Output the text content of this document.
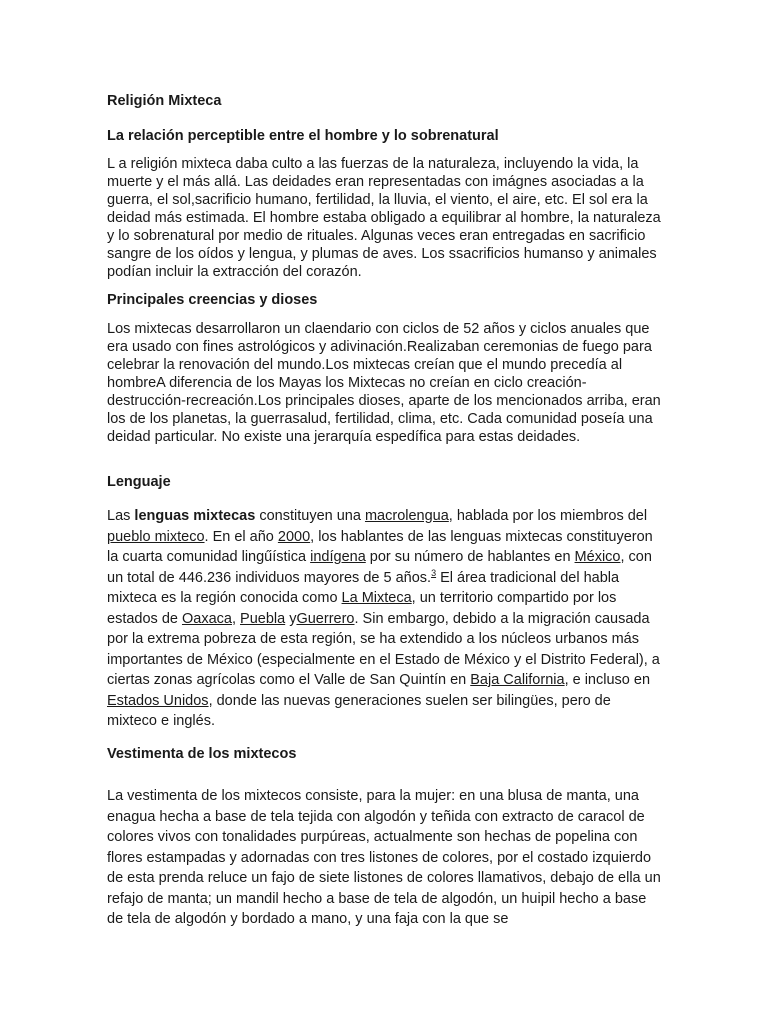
Religión Mixteca

La relación perceptible entre el hombre y lo sobrenatural

L a religión mixteca daba culto a las fuerzas de la naturaleza, incluyendo la vida, la muerte y el más allá. Las deidades eran representadas con imágnes asociadas a la guerra, el sol,sacrificio humano, fertilidad, la lluvia, el viento, el aire, etc. El sol era la deidad más estimada. El hombre estaba obligado a equilibrar al hombre, la naturaleza y lo sobrenatural por medio de rituales. Algunas veces eran entregadas en sacrificio sangre de los oídos y lengua, y plumas de aves. Los ssacrificios humanso y animales podían incluir la extracción del corazón.

Principales creencias y dioses

Los mixtecas desarrollaron un claendario con ciclos de 52 años y ciclos anuales que era usado con fines astrológicos y adivinación.Realizaban ceremonias de fuego para celebrar la renovación del mundo.Los mixtecas creían que el mundo precedía al hombreA diferencia de los Mayas los Mixtecas no creían en ciclo creación-destrucción-recreación.Los principales dioses, aparte de los mencionados arriba, eran los de los planetas, la guerrasalud, fertilidad, clima, etc. Cada comunidad poseía una deidad particular. No existe una jerarquía espedífica para estas deidades.

Lenguaje

Las lenguas mixtecas constituyen una macrolengua, hablada por los miembros del pueblo mixteco. En el año 2000, los hablantes de las lenguas mixtecas constituyeron la cuarta comunidad lingűística indígena por su número de hablantes en México, con un total de 446.236 individuos mayores de 5 años.$^3$ El área tradicional del habla mixteca es la región conocida como La Mixteca, un territorio compartido por los estados de Oaxaca, Puebla yGuerrero. Sin embargo, debido a la migración causada por la extrema pobreza de esta región, se ha extendido a los núcleos urbanos más importantes de México (especialmente en el Estado de México y el Distrito Federal), a ciertas zonas agrícolas como el Valle de San Quintín en Baja California, e incluso en Estados Unidos, donde las nuevas generaciones suelen ser bilingües, pero de mixteco e inglés.

Vestimenta de los mixtecos

La vestimenta de los mixtecos consiste, para la mujer: en una blusa de manta, una enagua hecha a base de tela tejida con algodón y teñida con extracto de caracol de colores vivos con tonalidades purpúreas, actualmente son hechas de popelina con flores estampadas y adornadas con tres listones de colores, por el costado izquierdo de esta prenda reluce un fajo de siete listones de colores llamativos, debajo de ella un refajo de manta; un mandil hecho a base de tela de algodón, un huipil hecho a base de tela de algodón y bordado a mano, y una faja con la que se
